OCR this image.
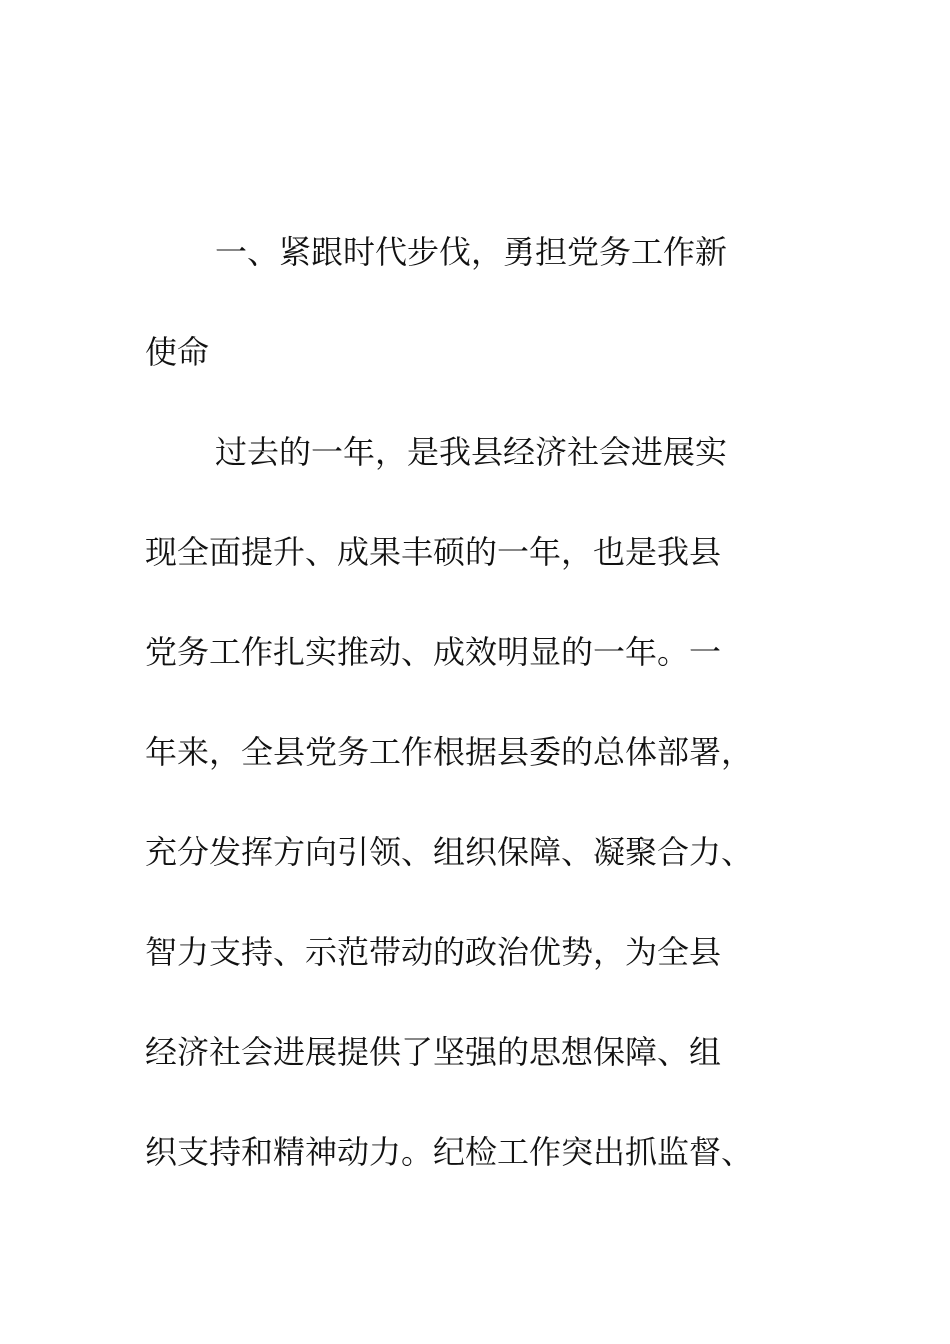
一、紧跟时代步伐，勇担党务工作新
使命

过去的一年，是我县经济社会进展实

现全面提升、成果丰硕的一年，也是我县

党务工作扎实推动、成效明显的一年。一

年来，全县党务工作根据县委的总体部署，

充分发挥方向引领、组织保障、凝聚合力、

智力支持、示范带动的政治优势，为全县

经济社会进展提供了坚强的思想保障、组

织支持和精神动力。纪检工作突出抓监督、
